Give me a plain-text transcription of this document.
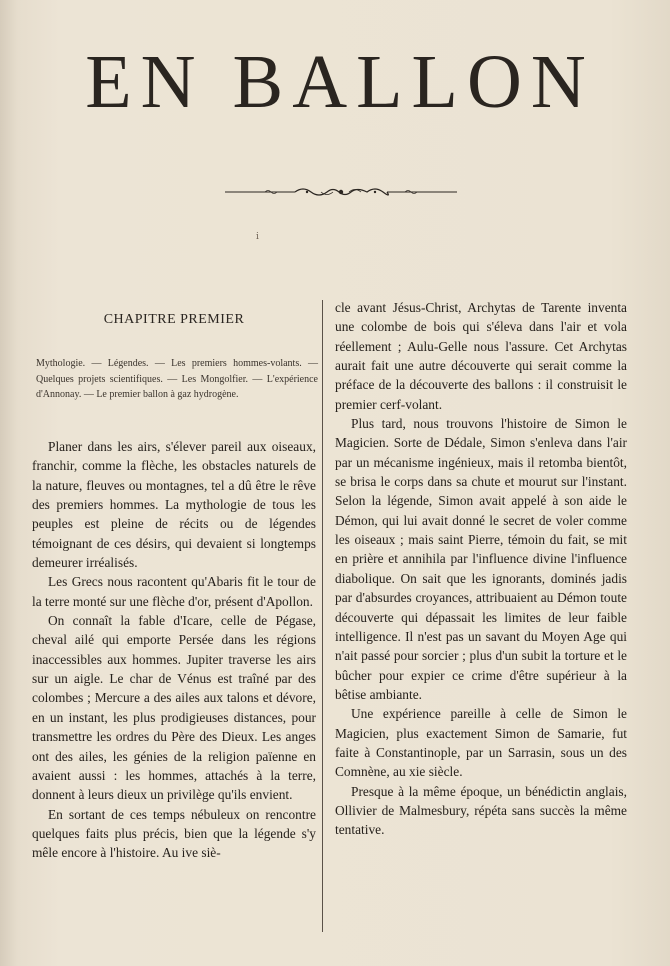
EN BALLON
i
CHAPITRE PREMIER
Mythologie. — Légendes. — Les premiers hommes-volants. — Quelques projets scientifiques. — Les Mongolfier. — L'expérience d'Annonay. — Le premier ballon à gaz hydrogène.

Planer dans les airs, s'élever pareil aux oiseaux, franchir, comme la flèche, les obstacles naturels de la nature, fleuves ou montagnes, tel a dû être le rêve des premiers hommes. La mythologie de tous les peuples est pleine de récits ou de légendes témoignant de ces désirs, qui devaient si longtemps demeurer irréalisés.

Les Grecs nous racontent qu'Abaris fit le tour de la terre monté sur une flèche d'or, présent d'Apollon.

On connaît la fable d'Icare, celle de Pégase, cheval ailé qui emporte Persée dans les régions inaccessibles aux hommes. Jupiter traverse les airs sur un aigle. Le char de Vénus est traîné par des colombes ; Mercure a des ailes aux talons et dévore, en un instant, les plus prodigieuses distances, pour transmettre les ordres du Père des Dieux. Les anges ont des ailes, les génies de la religion païenne en avaient aussi : les hommes, attachés à la terre, donnent à leurs dieux un privilège qu'ils envient.

En sortant de ces temps nébuleux on rencontre quelques faits plus précis, bien que la légende s'y mêle encore à l'histoire. Au ive siè-

cle avant Jésus-Christ, Archytas de Tarente inventa une colombe de bois qui s'éleva dans l'air et vola réellement ; Aulu-Gelle nous l'assure. Cet Archytas aurait fait une autre découverte qui serait comme la préface de la découverte des ballons : il construisit le premier cerf-volant.

Plus tard, nous trouvons l'histoire de Simon le Magicien. Sorte de Dédale, Simon s'enleva dans l'air par un mécanisme ingénieux, mais il retomba bientôt, se brisa le corps dans sa chute et mourut sur l'instant. Selon la légende, Simon avait appelé à son aide le Démon, qui lui avait donné le secret de voler comme les oiseaux ; mais saint Pierre, témoin du fait, se mit en prière et annihila par l'influence divine l'influence diabolique. On sait que les ignorants, dominés jadis par d'absurdes croyances, attribuaient au Démon toute découverte qui dépassait les limites de leur faible intelligence. Il n'est pas un savant du Moyen Age qui n'ait passé pour sorcier ; plus d'un subit la torture et le bûcher pour expier ce crime d'être supérieur à la bêtise ambiante.

Une expérience pareille à celle de Simon le Magicien, plus exactement Simon de Samarie, fut faite à Constantinople, par un Sarrasin, sous un des Comnène, au xie siècle.

Presque à la même époque, un bénédictin anglais, Ollivier de Malmesbury, répéta sans succès la même tentative.
